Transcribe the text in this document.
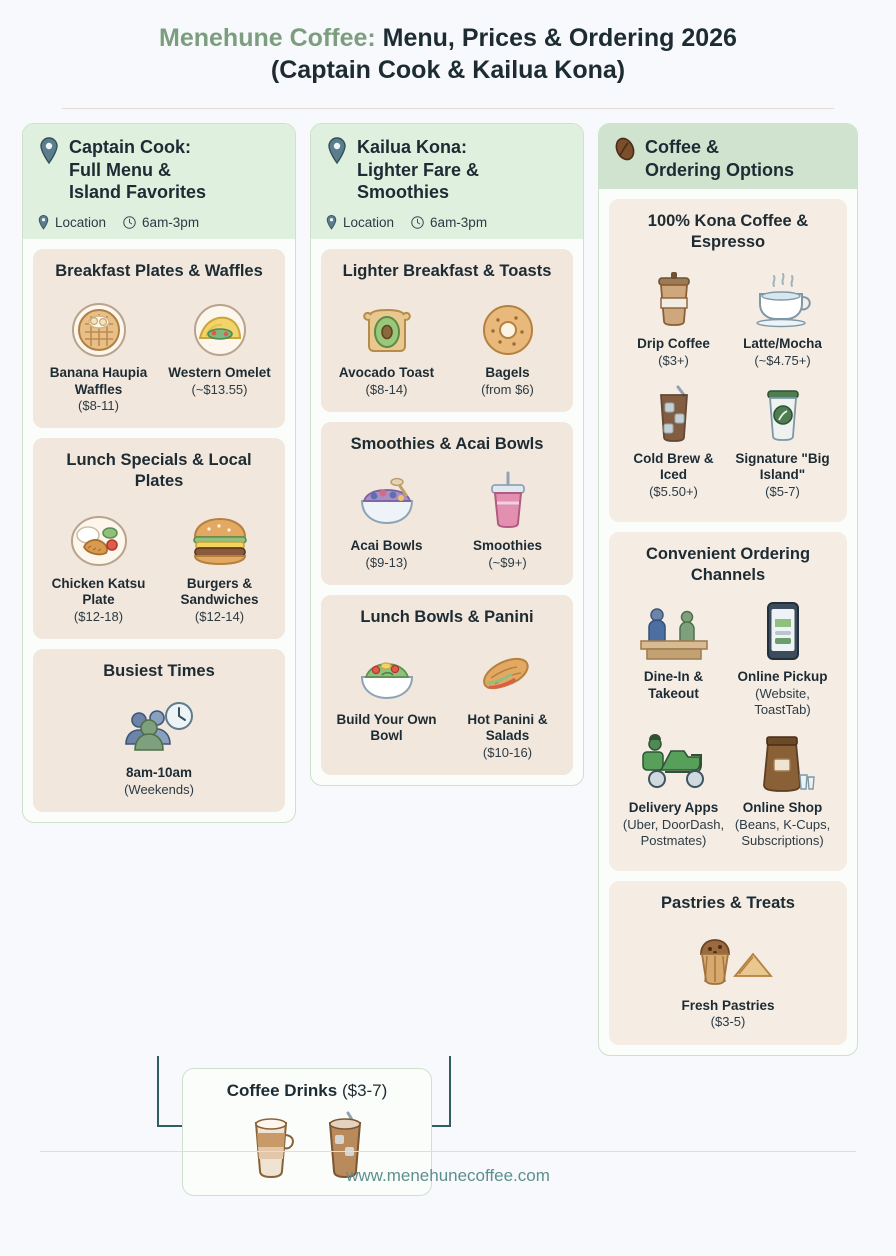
Menehune Coffee: Menu, Prices & Ordering 2026
(Captain Cook & Kailua Kona)
Captain Cook:
Full Menu &
Island Favorites
Location	6am-3pm
Breakfast Plates & Waffles
Banana Haupia Waffles
($8-11)
Western Omelet
(~$13.55)
Lunch Specials & Local Plates
Chicken Katsu Plate
($12-18)
Burgers & Sandwiches
($12-14)
Busiest Times
8am-10am
(Weekends)
Kailua Kona:
Lighter Fare &
Smoothies
Location	6am-3pm
Lighter Breakfast & Toasts
Avocado Toast
($8-14)
Bagels
(from $6)
Smoothies & Acai Bowls
Acai Bowls
($9-13)
Smoothies
(~$9+)
Lunch Bowls & Panini
Build Your Own Bowl
Hot Panini & Salads
($10-16)
Coffee &
Ordering Options
100% Kona Coffee & Espresso
Drip Coffee
($3+)
Latte/Mocha
(~$4.75+)
Cold Brew & Iced
($5.50+)
Signature "Big Island"
($5-7)
Convenient Ordering Channels
Dine-In & Takeout
Online Pickup
(Website, ToastTab)
Delivery Apps
(Uber, DoorDash, Postmates)
Online Shop
(Beans, K-Cups, Subscriptions)
Pastries & Treats
Fresh Pastries
($3-5)
Coffee Drinks ($3-7)
www.menehunecoffee.com
